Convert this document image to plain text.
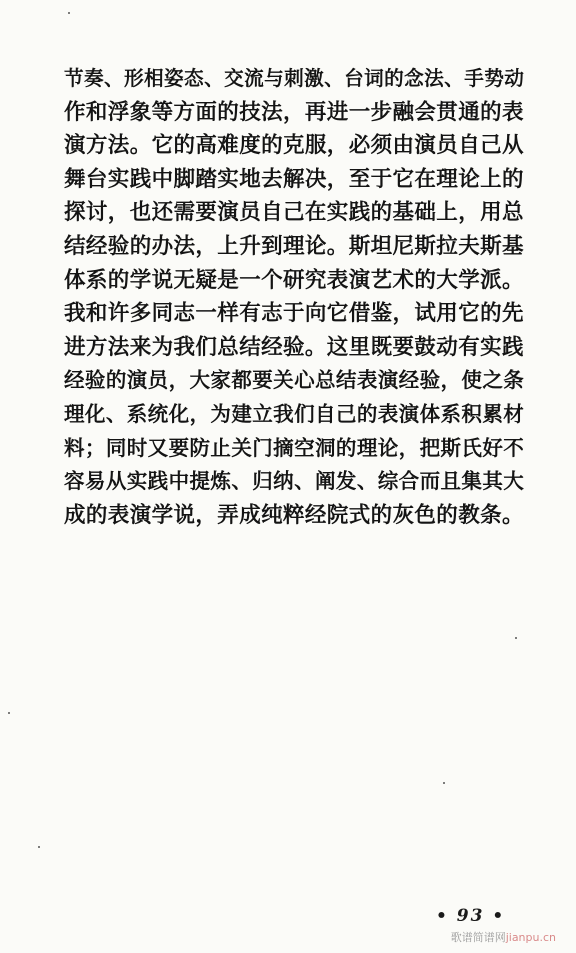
节奏、形相姿态、交流与刺激、台词的念法、手势动
作和浮象等方面的技法，再进一步融会贯通的表
演方法。它的高难度的克服，必须由演员自己从
舞台实践中脚踏实地去解决，至于它在理论上的
探讨，也还需要演员自己在实践的基础上，用总
结经验的办法，上升到理论。斯坦尼斯拉夫斯基
体系的学说无疑是一个研究表演艺术的大学派。
我和许多同志一样有志于向它借鉴，试用它的先
进方法来为我们总结经验。这里既要鼓动有实践
经验的演员，大家都要关心总结表演经验，使之条
理化、系统化，为建立我们自己的表演体系积累材
料；同时又要防止关门摘空洞的理论，把斯氏好不
容易从实践中提炼、归纳、阐发、综合而且集其大
成的表演学说，弄成纯粹经院式的灰色的教条。
• 93 •
歌谱简谱网jianpu.cn
